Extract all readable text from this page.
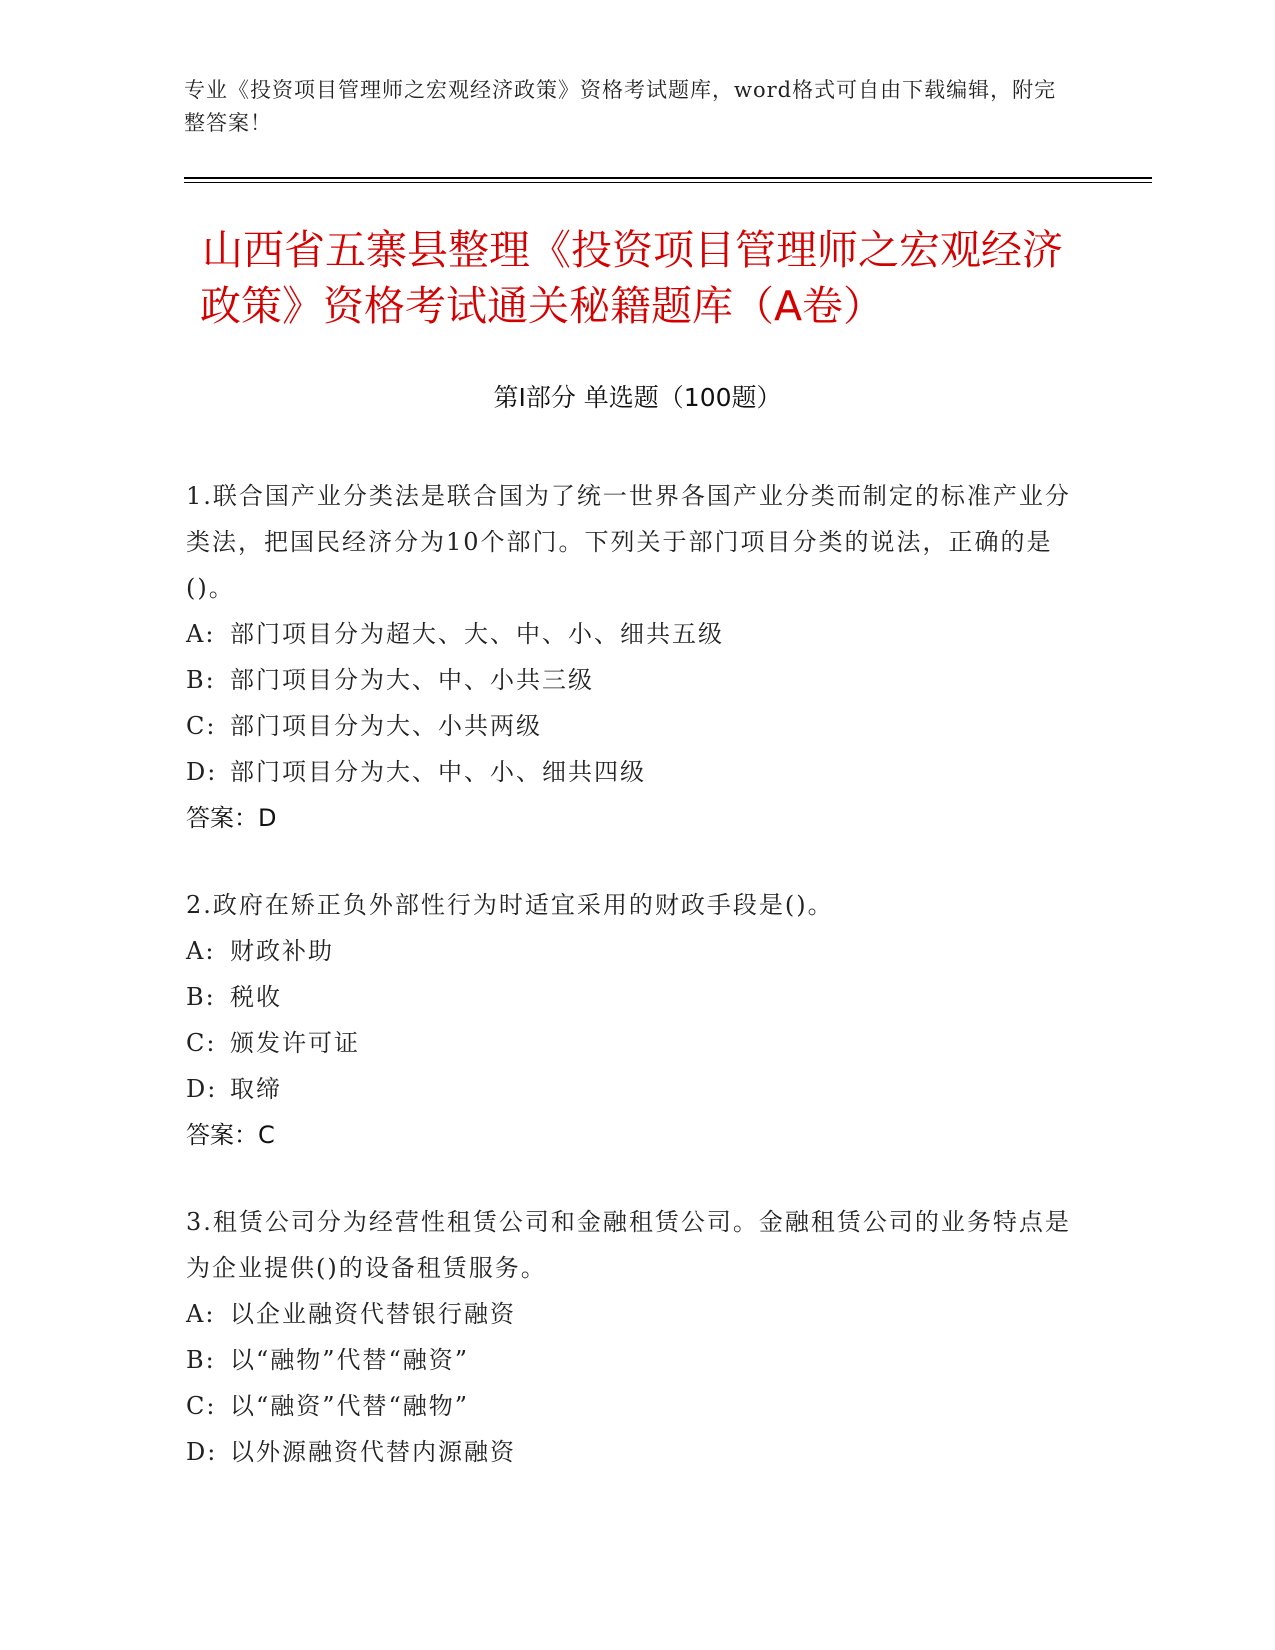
专业《投资项目管理师之宏观经济政策》资格考试题库，word格式可自由下载编辑，附完整答案！
山西省五寨县整理《投资项目管理师之宏观经济政策》资格考试通关秘籍题库（A卷）
第Ⅰ部分 单选题（100题）
1.联合国产业分类法是联合国为了统一世界各国产业分类而制定的标准产业分类法，把国民经济分为10个部门。下列关于部门项目分类的说法，正确的是()。
A: 部门项目分为超大、大、中、小、细共五级
B: 部门项目分为大、中、小共三级
C: 部门项目分为大、小共两级
D: 部门项目分为大、中、小、细共四级
答案：D
2.政府在矫正负外部性行为时适宜采用的财政手段是()。
A: 财政补助
B: 税收
C: 颁发许可证
D: 取缔
答案：C
3.租赁公司分为经营性租赁公司和金融租赁公司。金融租赁公司的业务特点是为企业提供()的设备租赁服务。
A: 以企业融资代替银行融资
B: 以“融物”代替“融资”
C: 以“融资”代替“融物”
D: 以外源融资代替内源融资
